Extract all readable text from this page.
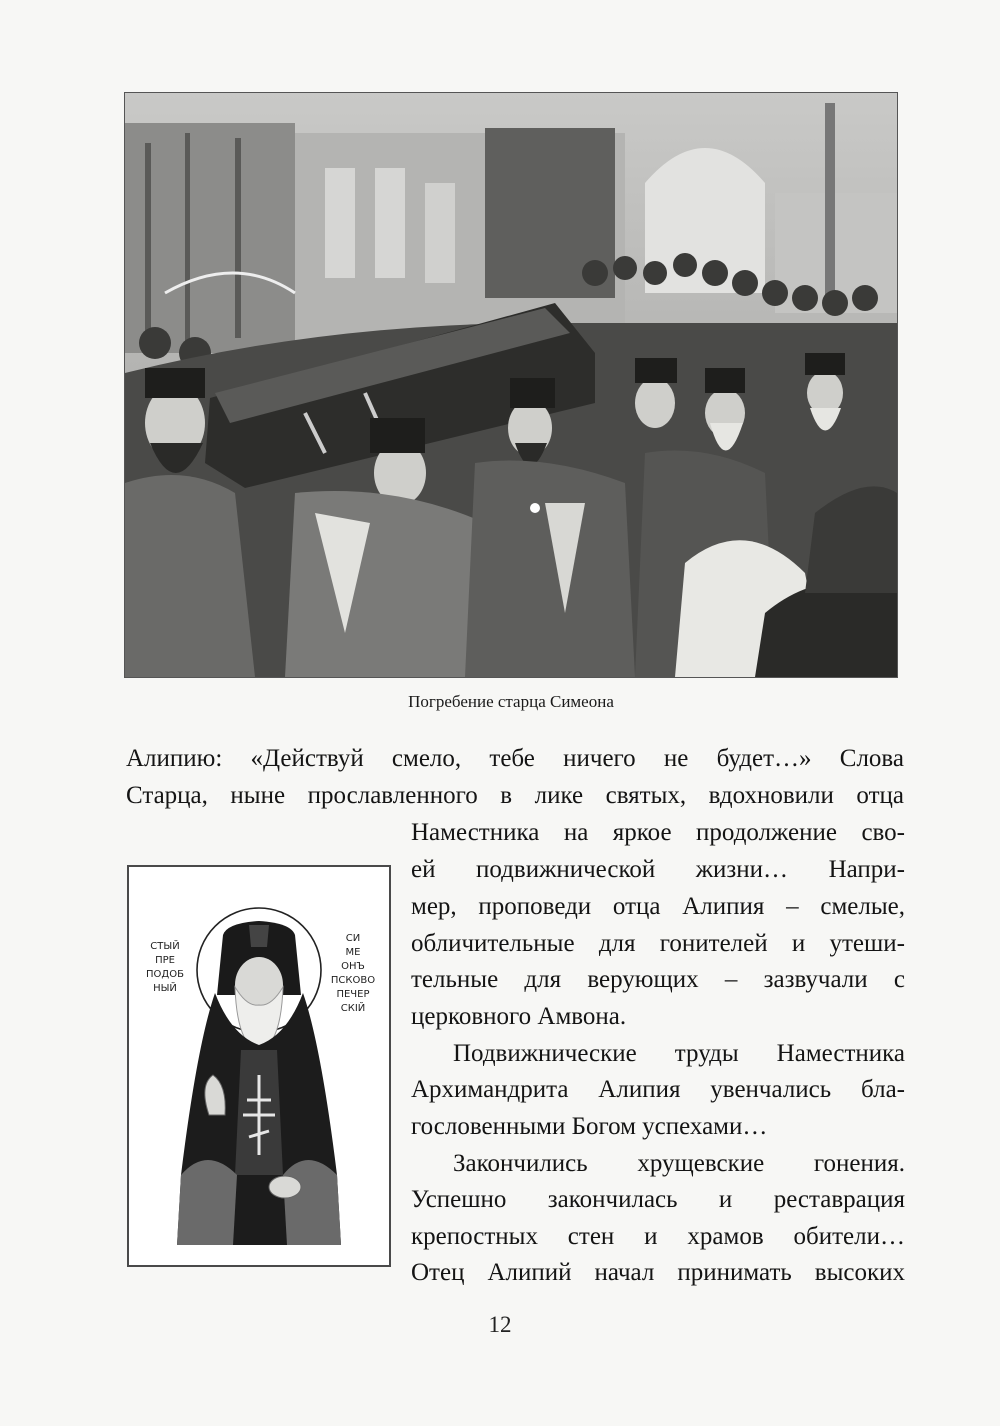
Погребение старца Симеона
Алипию: «Действуй смело, тебе ничего не будет…» Слова
Старца, ныне прославленного в лике святых, вдохновили отца
Наместника на яркое продолжение сво-
ей подвижнической жизни… Напри-
мер, проповеди отца Алипия – смелые,
обличительные для гонителей и утеши-
тельные для верующих – зазвучали с
церковного Амвона.
Подвижнические труды Наместника
Архимандрита Алипия увенчались бла-
гословенными Богом успехами…
Закончились хрущевские гонения.
Успешно закончилась и реставрация
крепостных стен и храмов обители…
Отец Алипий начал принимать высоких
СТЫЙ
ПРЕ
ПОДОБ
НЫЙ
СИ
МЕ
ОНЪ
ПСКОВО
ПЕЧЕР
СКIЙ
12
